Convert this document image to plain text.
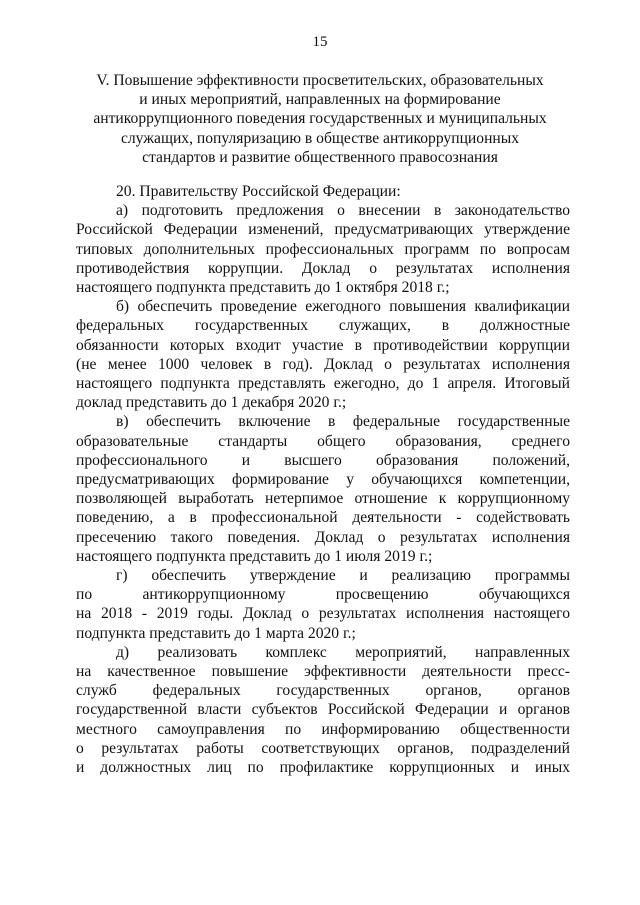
15
V. Повышение эффективности просветительских, образовательных
и иных мероприятий, направленных на формирование
антикоррупционного поведения государственных и муниципальных
служащих, популяризацию в обществе антикоррупционных
стандартов и развитие общественного правосознания

20. Правительству Российской Федерации:

а) подготовить предложения о внесении в законодательство
Российской Федерации изменений, предусматривающих утверждение
типовых дополнительных профессиональных программ по вопросам
противодействия коррупции. Доклад о результатах исполнения
настоящего подпункта представить до 1 октября 2018 г.;

б) обеспечить проведение ежегодного повышения квалификации
федеральных государственных служащих, в должностные
обязанности которых входит участие в противодействии коррупции
(не менее 1000 человек в год). Доклад о результатах исполнения
настоящего подпункта представлять ежегодно, до 1 апреля. Итоговый
доклад представить до 1 декабря 2020 г.;

в) обеспечить включение в федеральные государственные
образовательные стандарты общего образования, среднего
профессионального и высшего образования положений,
предусматривающих формирование у обучающихся компетенции,
позволяющей выработать нетерпимое отношение к коррупционному
поведению, а в профессиональной деятельности - содействовать
пресечению такого поведения. Доклад о результатах исполнения
настоящего подпункта представить до 1 июля 2019 г.;

г) обеспечить утверждение и реализацию программы
по антикоррупционному просвещению обучающихся
на 2018 - 2019 годы. Доклад о результатах исполнения настоящего
подпункта представить до 1 марта 2020 г.;

д) реализовать комплекс мероприятий, направленных
на качественное повышение эффективности деятельности пресс-
служб федеральных государственных органов, органов
государственной власти субъектов Российской Федерации и органов
местного самоуправления по информированию общественности
о результатах работы соответствующих органов, подразделений
и должностных лиц по профилактике коррупционных и иных
